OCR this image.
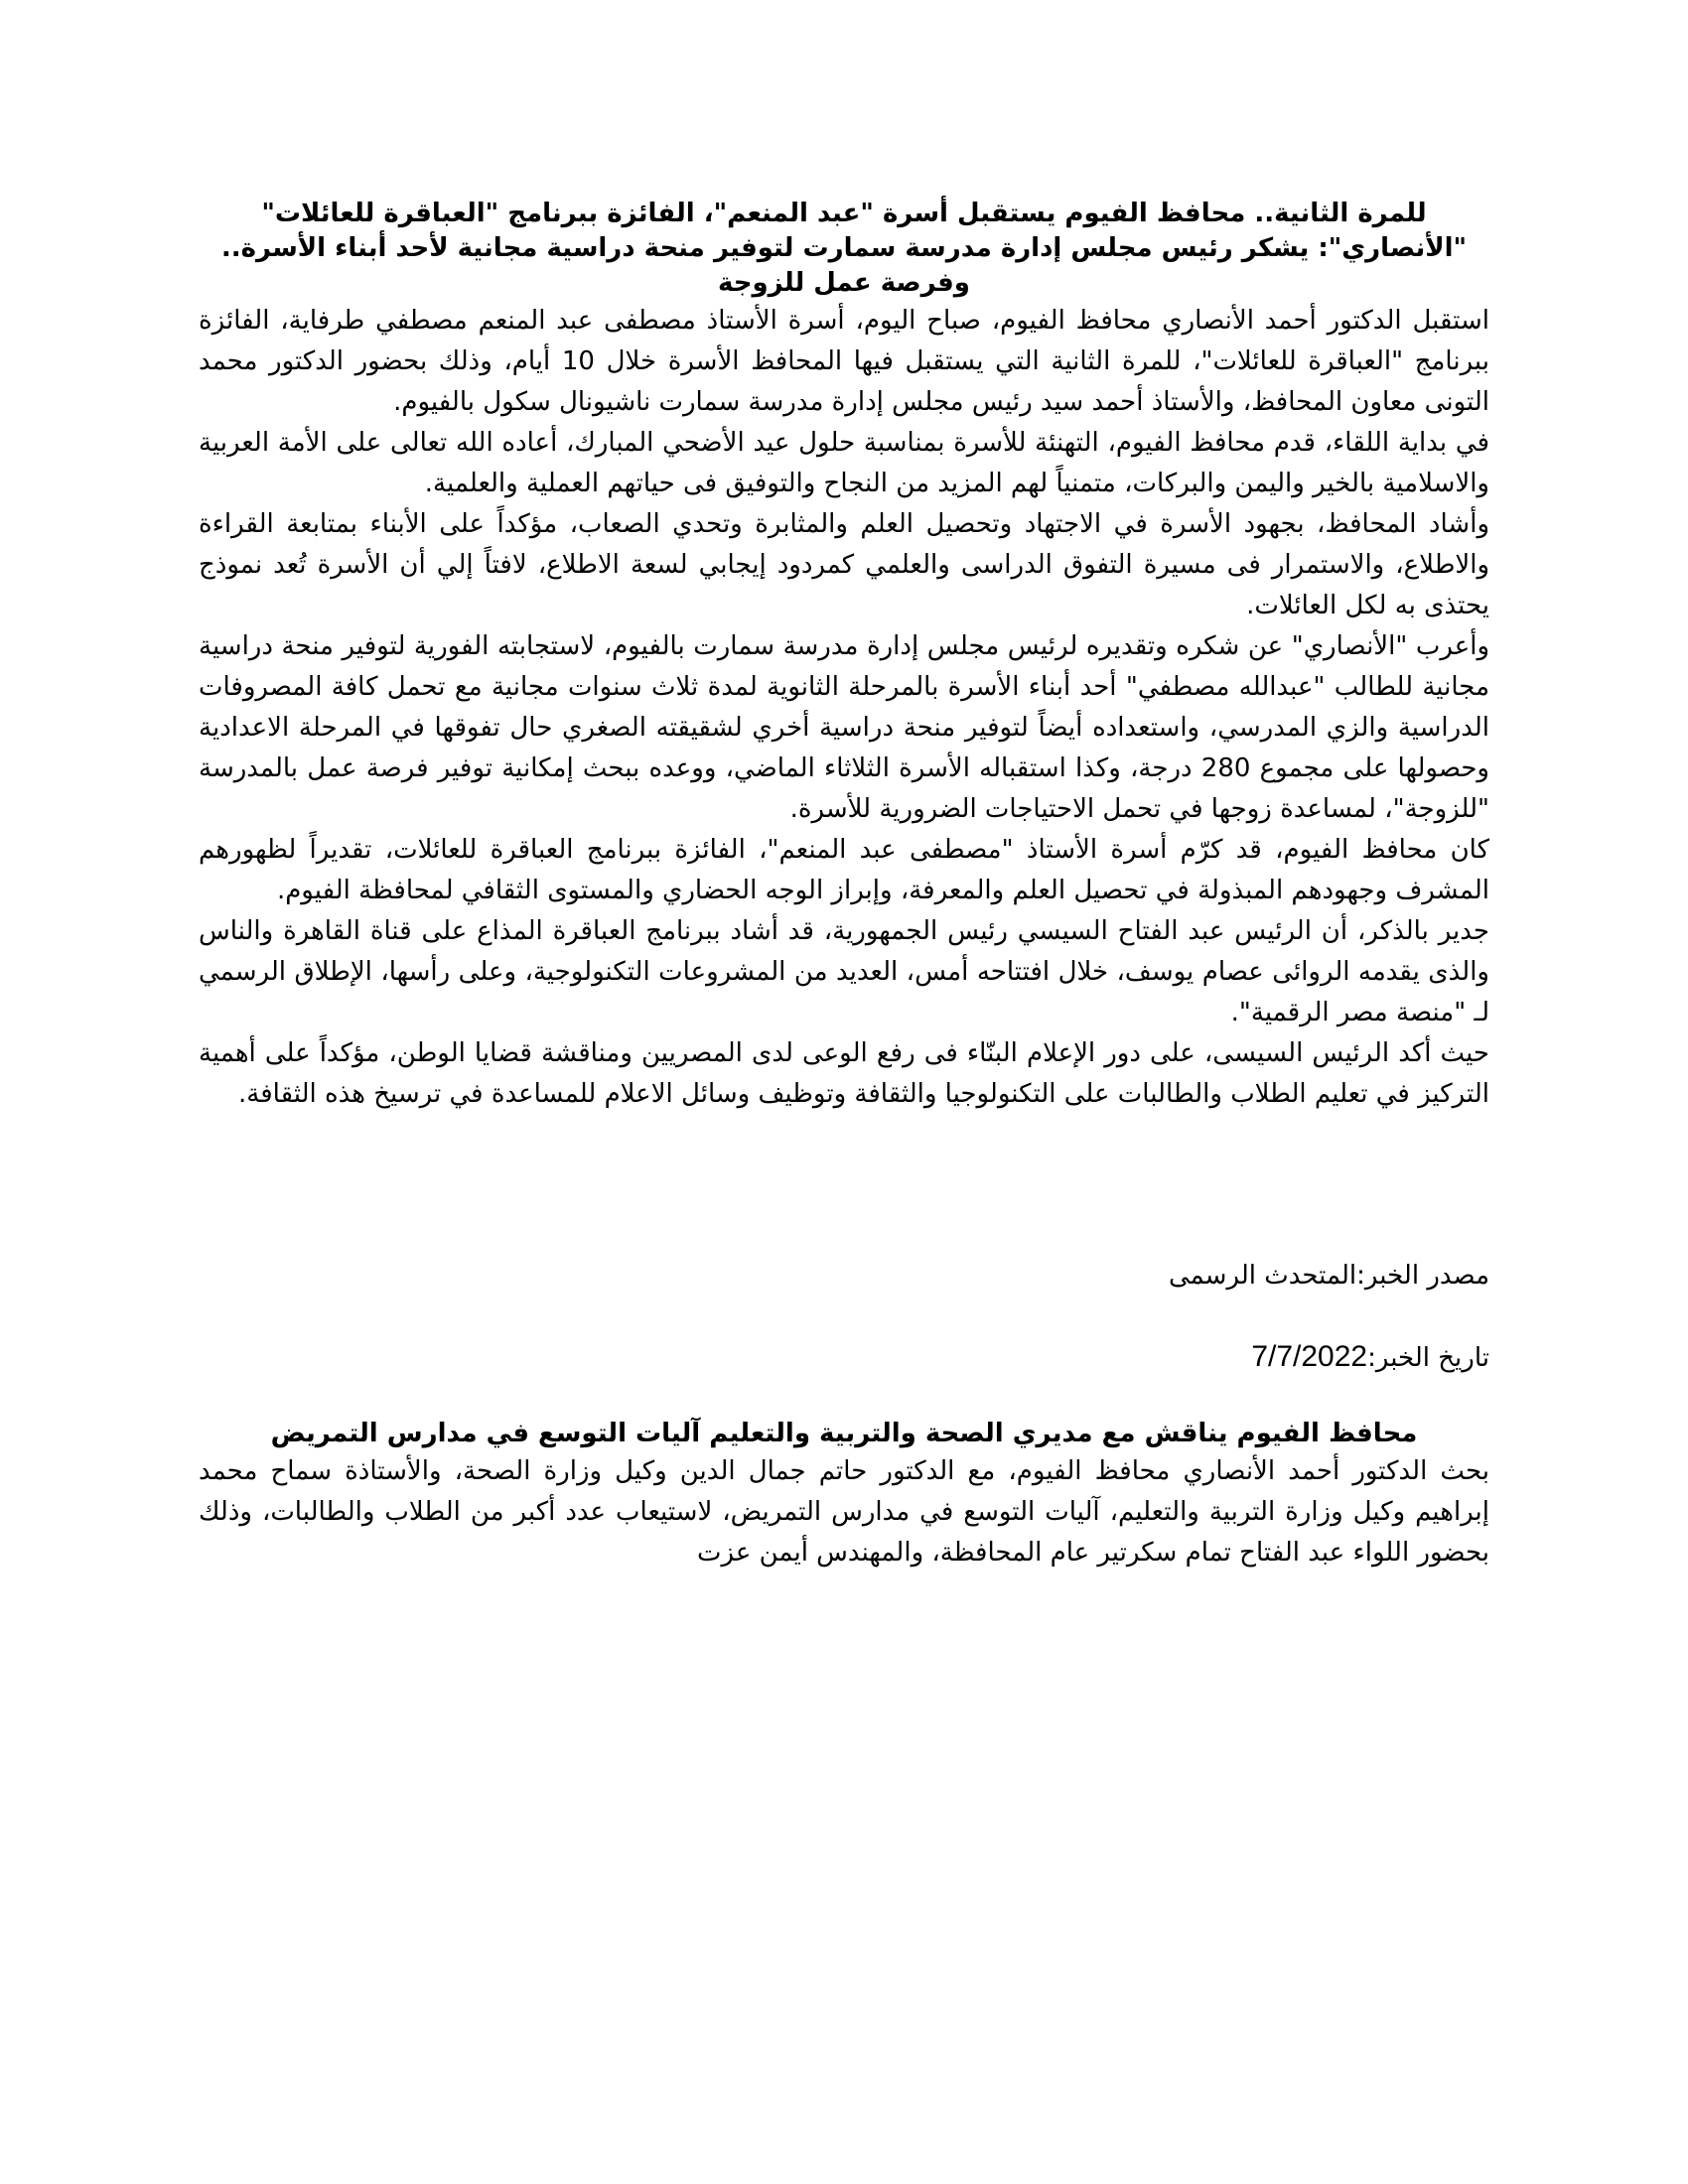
للمرة الثانية.. محافظ الفيوم يستقبل أسرة "عبد المنعم"، الفائزة ببرنامج "العباقرة للعائلات" "الأنصاري": يشكر رئيس مجلس إدارة مدرسة سمارت لتوفير منحة دراسية مجانية لأحد أبناء الأسرة.. وفرصة عمل للزوجة

استقبل الدكتور أحمد الأنصاري محافظ الفيوم، صباح اليوم، أسرة الأستاذ مصطفى عبد المنعم مصطفي طرفاية، الفائزة ببرنامج "العباقرة للعائلات"، للمرة الثانية التي يستقبل فيها المحافظ الأسرة خلال 10 أيام، وذلك بحضور الدكتور محمد التونى معاون المحافظ، والأستاذ أحمد سيد رئيس مجلس إدارة مدرسة سمارت ناشيونال سكول بالفيوم.

في بداية اللقاء، قدم محافظ الفيوم، التهنئة للأسرة بمناسبة حلول عيد الأضحي المبارك، أعاده الله تعالى على الأمة العربية والاسلامية بالخير واليمن والبركات، متمنياً لهم المزيد من النجاح والتوفيق فى حياتهم العملية والعلمية.

وأشاد المحافظ، بجهود الأسرة في الاجتهاد وتحصيل العلم والمثابرة وتحدي الصعاب، مؤكداً على الأبناء بمتابعة القراءة والاطلاع، والاستمرار فى مسيرة التفوق الدراسى والعلمي كمردود إيجابي لسعة الاطلاع، لافتاً إلي أن الأسرة تُعد نموذج يحتذى به لكل العائلات.

وأعرب "الأنصاري" عن شكره وتقديره لرئيس مجلس إدارة مدرسة سمارت بالفيوم، لاستجابته الفورية لتوفير منحة دراسية مجانية للطالب "عبدالله مصطفي" أحد أبناء الأسرة بالمرحلة الثانوية لمدة ثلاث سنوات مجانية مع تحمل كافة المصروفات الدراسية والزي المدرسي، واستعداده أيضاً لتوفير منحة دراسية أخري لشقيقته الصغري حال تفوقها في المرحلة الاعدادية وحصولها على مجموع 280 درجة، وكذا استقباله الأسرة الثلاثاء الماضي، ووعده ببحث إمكانية توفير فرصة عمل بالمدرسة "للزوجة"، لمساعدة زوجها في تحمل الاحتياجات الضرورية للأسرة.

كان محافظ الفيوم، قد كرّم أسرة الأستاذ "مصطفى عبد المنعم"، الفائزة ببرنامج العباقرة للعائلات، تقديراً لظهورهم المشرف وجهودهم المبذولة في تحصيل العلم والمعرفة، وإبراز الوجه الحضاري والمستوى الثقافي لمحافظة الفيوم.

جدير بالذكر، أن الرئيس عبد الفتاح السيسي رئيس الجمهورية، قد أشاد ببرنامج العباقرة المذاع على قناة القاهرة والناس والذى يقدمه الروائى عصام يوسف، خلال افتتاحه أمس، العديد من المشروعات التكنولوجية، وعلى رأسها، الإطلاق الرسمي لـ "منصة مصر الرقمية".

حيث أكد الرئيس السيسى، على دور الإعلام البنّاء فى رفع الوعى لدى المصريين ومناقشة قضايا الوطن، مؤكداً على أهمية التركيز في تعليم الطلاب والطالبات على التكنولوجيا والثقافة وتوظيف وسائل الاعلام للمساعدة في ترسيخ هذه الثقافة.

مصدر الخبر:المتحدث الرسمى

تاريخ الخبر:7/7/2022

محافظ الفيوم يناقش مع مديري الصحة والتربية والتعليم آليات التوسع في مدارس التمريض

بحث الدكتور أحمد الأنصاري محافظ الفيوم، مع الدكتور حاتم جمال الدين وكيل وزارة الصحة، والأستاذة سماح محمد إبراهيم وكيل وزارة التربية والتعليم، آليات التوسع في مدارس التمريض، لاستيعاب عدد أكبر من الطلاب والطالبات، وذلك بحضور اللواء عبد الفتاح تمام سكرتير عام المحافظة، والمهندس أيمن عزت
